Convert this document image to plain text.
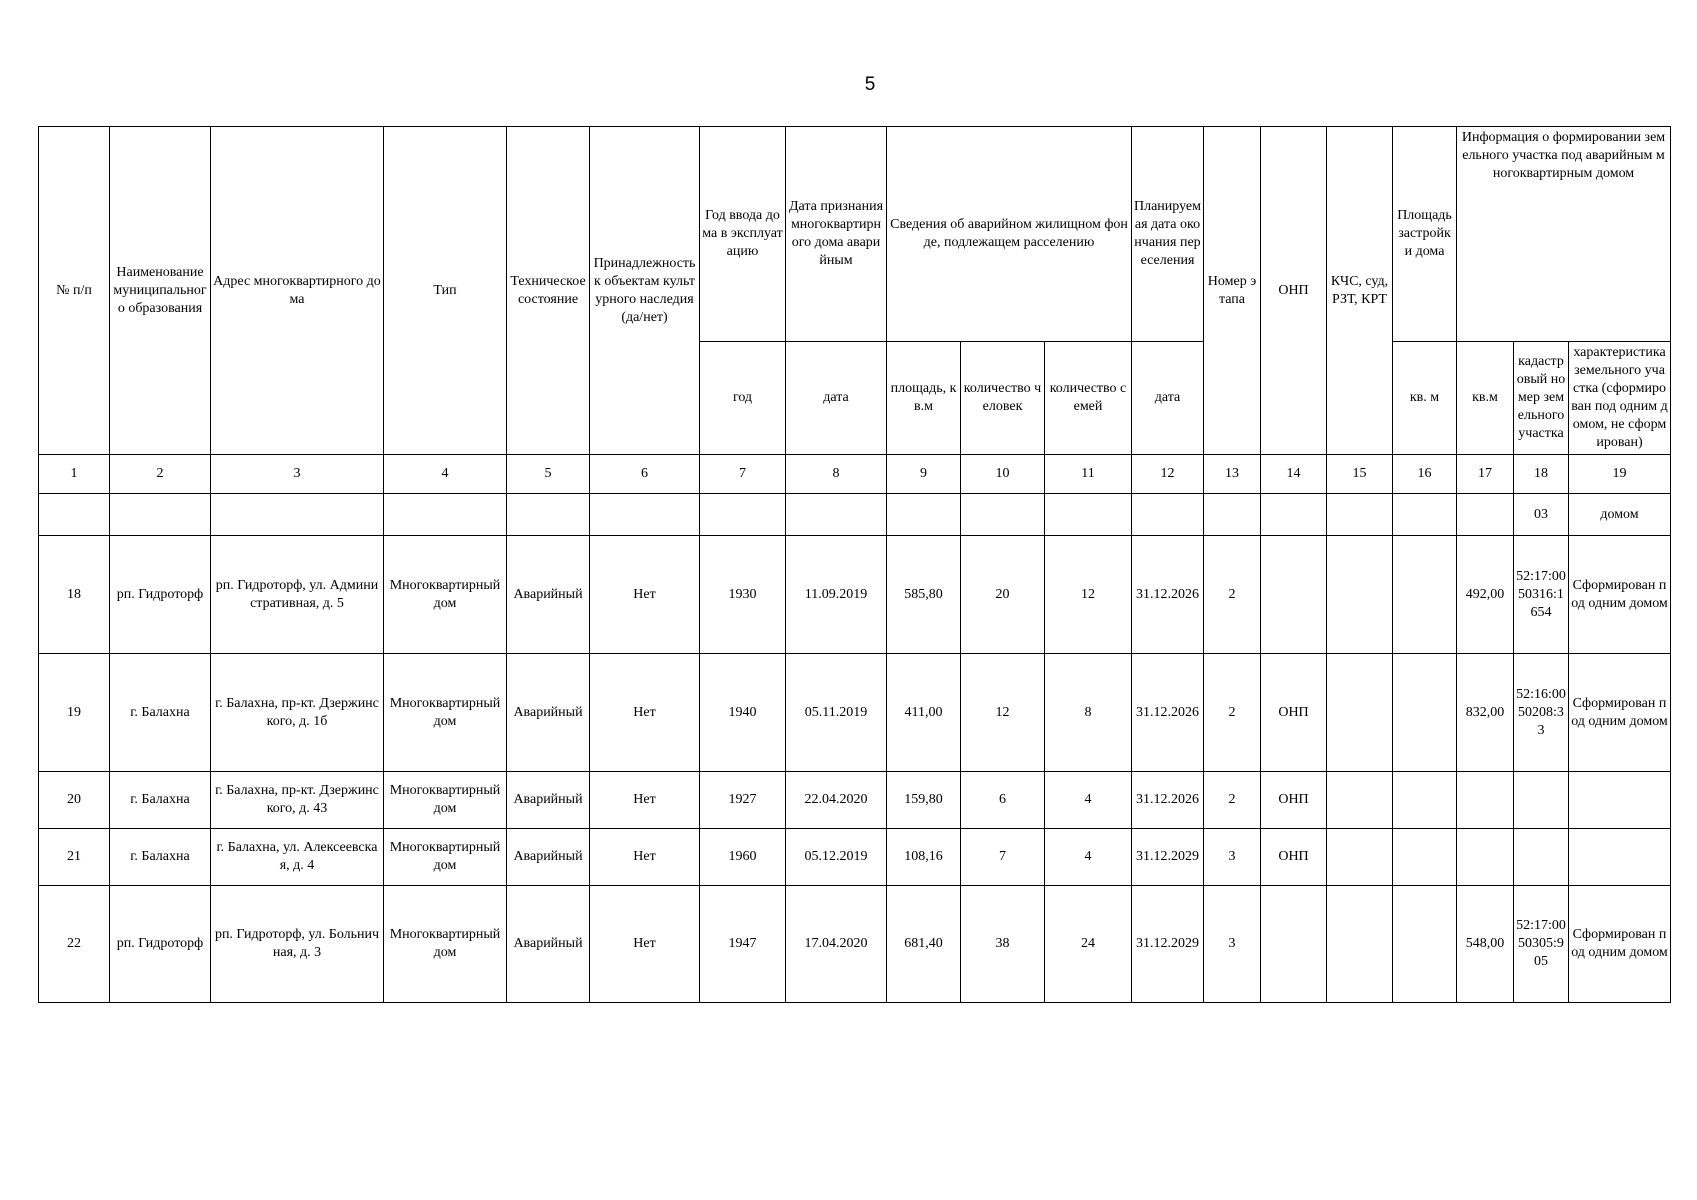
5
№ п/п	Наименование муниципального образования	Адрес многоквартирного дома	Тип	Техническое состояние	Принадлежность к объектам культурного наследия (да/нет)	Год ввода дома в эксплуатацию	Дата признания многоквартирного дома аварийным	Сведения об аварийном жилищном фонде, подлежащем расселению			Планируемая дата окончания переселения	Номер этапа	ОНП	КЧС, суд, РЗТ, КРТ	Площадь застройки дома	Информация о формировании земельного участка под аварийным многоквартирным домом		
						год	дата	площадь, кв.м	количество человек	количество семей	дата				кв. м	кв.м	кадастровый номер земельного участка	характеристика земельного участка (сформирован под одним домом, не сформирован)
1	2	3	4	5	6	7	8	9	10	11	12	13	14	15	16	17	18	19
																	03	домом
18	рп. Гидроторф	рп. Гидроторф, ул. Административная, д. 5	Многоквартирный дом	Аварийный	Нет	1930	11.09.2019	585,80	20	12	31.12.2026	2				492,00	52:17:0050316:1654	Сформирован под одним домом
19	г. Балахна	г. Балахна, пр-кт. Дзержинского, д. 1б	Многоквартирный дом	Аварийный	Нет	1940	05.11.2019	411,00	12	8	31.12.2026	2	ОНП			832,00	52:16:0050208:33	Сформирован под одним домом
20	г. Балахна	г. Балахна, пр-кт. Дзержинского, д. 43	Многоквартирный дом	Аварийный	Нет	1927	22.04.2020	159,80	6	4	31.12.2026	2	ОНП					
21	г. Балахна	г. Балахна, ул. Алексеевская, д. 4	Многоквартирный дом	Аварийный	Нет	1960	05.12.2019	108,16	7	4	31.12.2029	3	ОНП					
22	рп. Гидроторф	рп. Гидроторф, ул. Больничная, д. 3	Многоквартирный дом	Аварийный	Нет	1947	17.04.2020	681,40	38	24	31.12.2029	3				548,00	52:17:0050305:905	Сформирован под одним домом
